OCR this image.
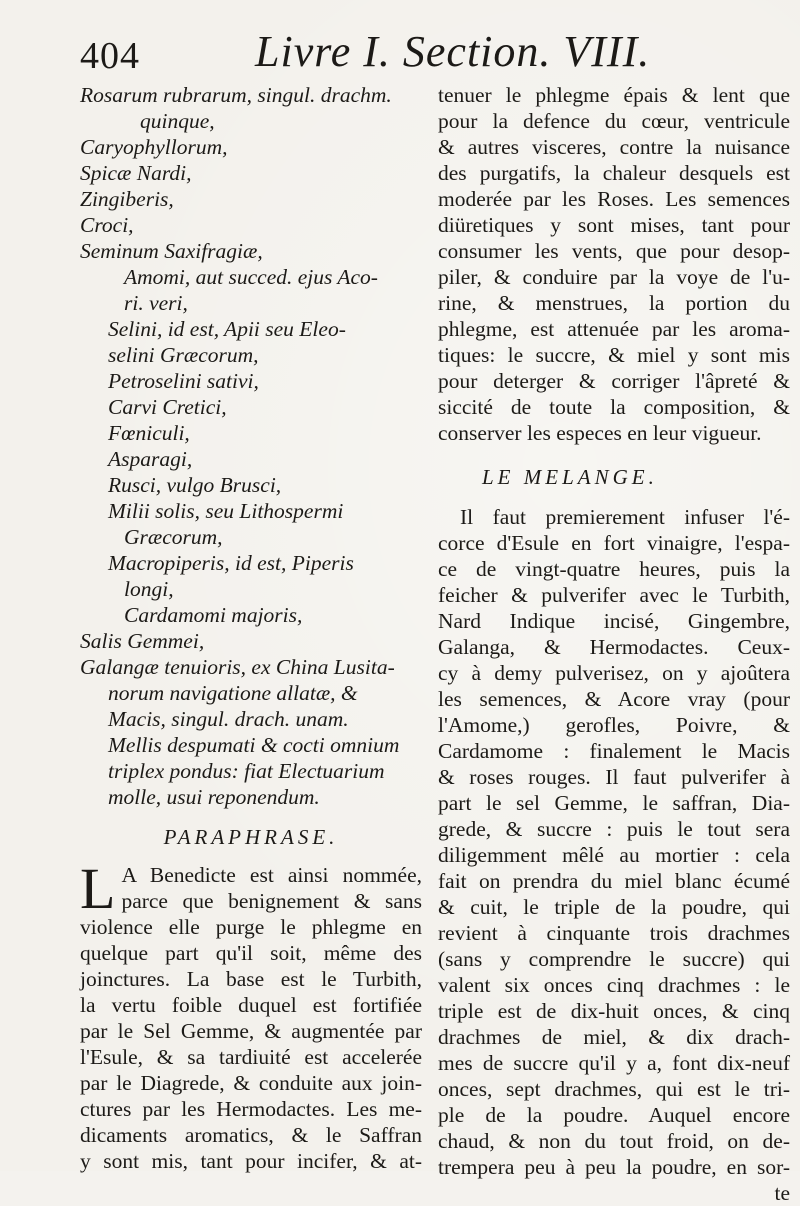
404	Livre I. Section. VIII.
Rosarum rubrarum, singul. drachm.
quinque,
Caryophyllorum,
Spicæ Nardi,
Zingiberis,
Croci,
Seminum Saxifragiæ,
Amomi, aut succed. ejus Aco-
ri. veri,
Selini, id est, Apii seu Eleo-
selini Græcorum,
Petroselini sativi,
Carvi Cretici,
Fœniculi,
Asparagi,
Rusci, vulgo Brusci,
Milii solis, seu Lithospermi
Græcorum,
Macropiperis, id est, Piperis
longi,
Cardamomi majoris,
Salis Gemmei,
Galangæ tenuioris, ex China Lusita-
norum navigatione allatæ, &
Macis, singul. drach. unam.
Mellis despumati & cocti omnium
triplex pondus: fiat Electuarium
molle, usui reponendum.
PARAPHRASE.
L A Benedicte est ainsi nommée,
parce que benignement & sans
violence elle purge le phlegme en
quelque part qu'il soit, même des
joinctures. La base est le Turbith,
la vertu foible duquel est fortifiée
par le Sel Gemme, & augmentée par
l'Esule, & sa tardiuité est accelerée
par le Diagrede, & conduite aux join-
ctures par les Hermodactes. Les me-
dicaments aromatics, & le Saffran
y sont mis, tant pour incifer, & at-
tenuer le phlegme épais & lent que
pour la defence du cœur, ventricule
& autres visceres, contre la nuisance
des purgatifs, la chaleur desquels est
moderée par les Roses. Les semences
diüretiques y sont mises, tant pour
consumer les vents, que pour desop-
piler, & conduire par la voye de l'u-
rine, & menstrues, la portion du
phlegme, est attenuée par les aroma-
tiques: le succre, & miel y sont mis
pour deterger & corriger l'âpreté &
siccité de toute la composition, &
conserver les especes en leur vigueur.
LE MELANGE.
Il faut premierement infuser l'é-
corce d'Esule en fort vinaigre, l'espa-
ce de vingt-quatre heures, puis la
feicher & pulverifer avec le Turbith,
Nard Indique incisé, Gingembre,
Galanga, & Hermodactes. Ceux-
cy à demy pulverisez, on y ajoûtera
les semences, & Acore vray (pour
l'Amome,) gerofles, Poivre, &
Cardamome : finalement le Macis
& roses rouges. Il faut pulverifer à
part le sel Gemme, le saffran, Dia-
grede, & succre : puis le tout sera
diligemment mêlé au mortier : cela
fait on prendra du miel blanc écumé
& cuit, le triple de la poudre, qui
revient à cinquante trois drachmes
(sans y comprendre le succre) qui
valent six onces cinq drachmes : le
triple est de dix-huit onces, & cinq
drachmes de miel, & dix drach-
mes de succre qu'il y a, font dix-neuf
onces, sept drachmes, qui est le tri-
ple de la poudre. Auquel encore
chaud, & non du tout froid, on de-
trempera peu à peu la poudre, en sor-
te
